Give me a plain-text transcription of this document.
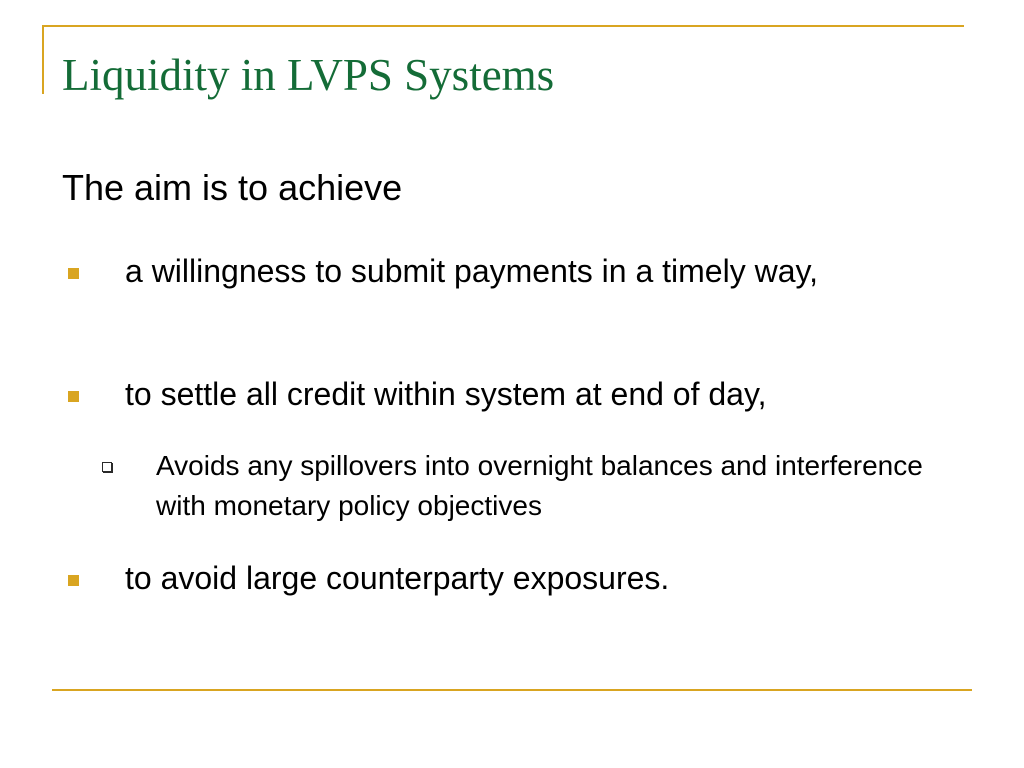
Liquidity in LVPS Systems

The aim is to achieve

a willingness to submit payments in a timely way,

to settle all credit within system at end of day,

Avoids any spillovers into overnight balances and interference with monetary policy objectives

to avoid large counterparty exposures.
